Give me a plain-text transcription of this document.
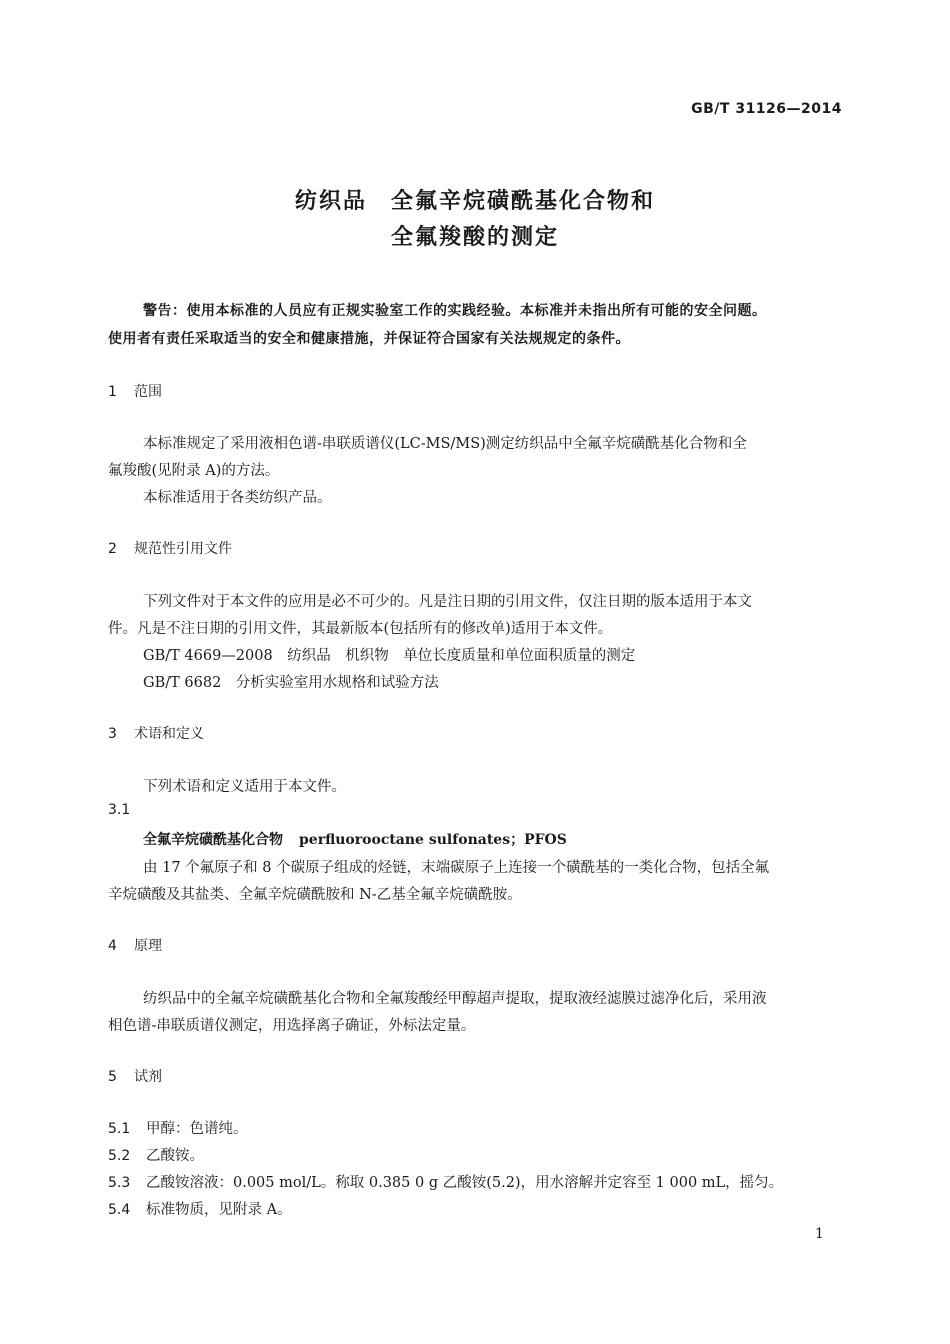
GB/T 31126—2014
纺织品　全氟辛烷磺酰基化合物和
全氟羧酸的测定
警告：使用本标准的人员应有正规实验室工作的实践经验。本标准并未指出所有可能的安全问题。
使用者有责任采取适当的安全和健康措施，并保证符合国家有关法规规定的条件。
1 范围
本标准规定了采用液相色谱-串联质谱仪(LC-MS/MS)测定纺织品中全氟辛烷磺酰基化合物和全
氟羧酸(见附录 A)的方法。
本标准适用于各类纺织产品。
2 规范性引用文件
下列文件对于本文件的应用是必不可少的。凡是注日期的引用文件，仅注日期的版本适用于本文
件。凡是不注日期的引用文件，其最新版本(包括所有的修改单)适用于本文件。
GB/T 4669—2008　纺织品　机织物　单位长度质量和单位面积质量的测定
GB/T 6682　分析实验室用水规格和试验方法
3 术语和定义
下列术语和定义适用于本文件。
3.1
全氟辛烷磺酰基化合物 perfluorooctane sulfonates；PFOS
由 17 个氟原子和 8 个碳原子组成的烃链，末端碳原子上连接一个磺酰基的一类化合物，包括全氟
辛烷磺酸及其盐类、全氟辛烷磺酰胺和 N-乙基全氟辛烷磺酰胺。
4 原理
纺织品中的全氟辛烷磺酰基化合物和全氟羧酸经甲醇超声提取，提取液经滤膜过滤净化后，采用液
相色谱-串联质谱仪测定，用选择离子确证，外标法定量。
5 试剂
5.1 甲醇：色谱纯。
5.2 乙酸铵。
5.3 乙酸铵溶液：0.005 mol/L。称取 0.385 0 g 乙酸铵(5.2)，用水溶解并定容至 1 000 mL，摇匀。
5.4 标准物质，见附录 A。
1
